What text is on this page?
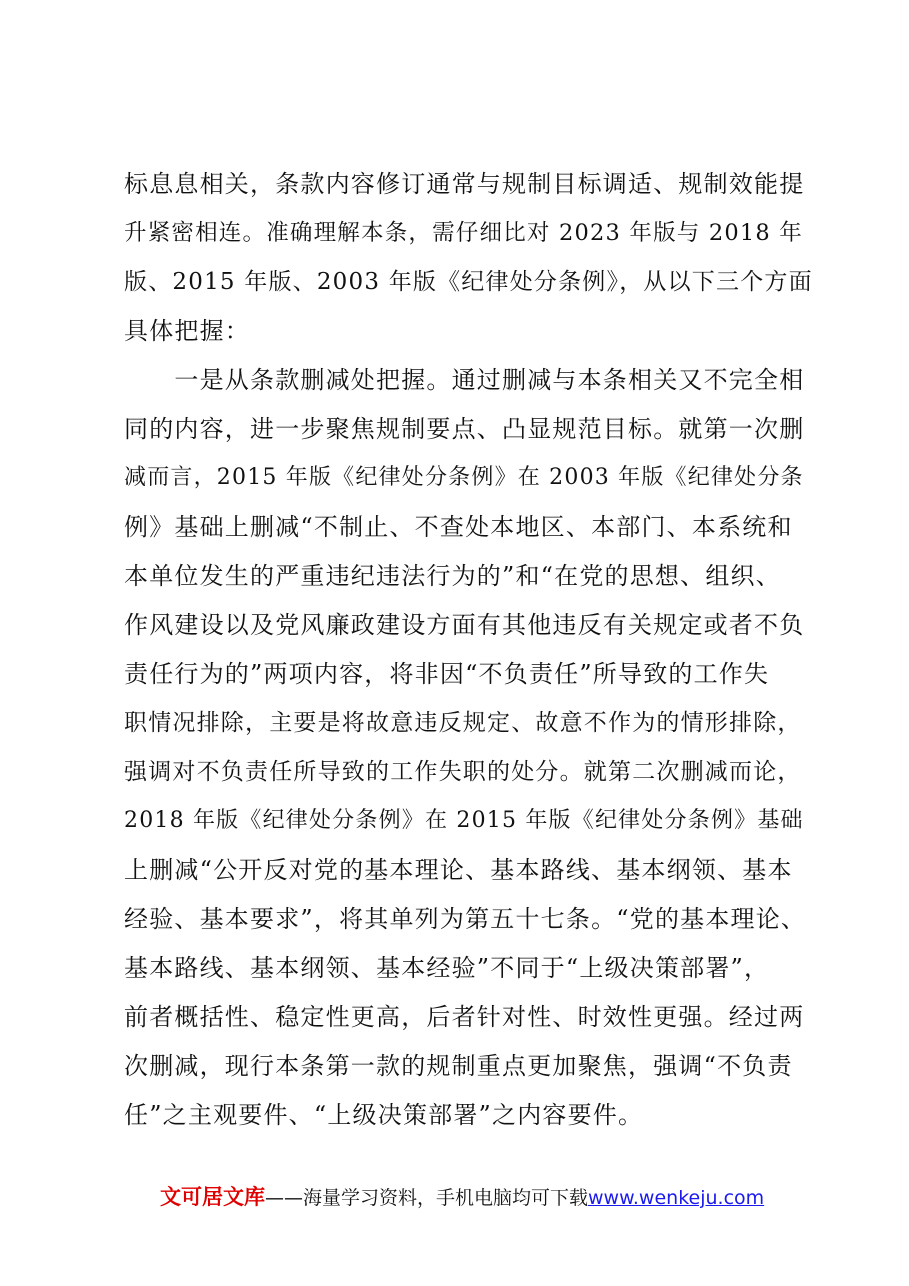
标息息相关，条款内容修订通常与规制目标调适、规制效能提
升紧密相连。准确理解本条，需仔细比对 2023 年版与 2018 年
版、2015 年版、2003 年版《纪律处分条例》，从以下三个方面
具体把握：
　　一是从条款删减处把握。通过删减与本条相关又不完全相
同的内容，进一步聚焦规制要点、凸显规范目标。就第一次删
减而言，2015 年版《纪律处分条例》在 2003 年版《纪律处分条
例》基础上删减“不制止、不查处本地区、本部门、本系统和
本单位发生的严重违纪违法行为的”和“在党的思想、组织、
作风建设以及党风廉政建设方面有其他违反有关规定或者不负
责任行为的”两项内容，将非因“不负责任”所导致的工作失
职情况排除，主要是将故意违反规定、故意不作为的情形排除，
强调对不负责任所导致的工作失职的处分。就第二次删减而论，
2018 年版《纪律处分条例》在 2015 年版《纪律处分条例》基础
上删减“公开反对党的基本理论、基本路线、基本纲领、基本
经验、基本要求”，将其单列为第五十七条。“党的基本理论、
基本路线、基本纲领、基本经验”不同于“上级决策部署”，
前者概括性、稳定性更高，后者针对性、时效性更强。经过两
次删减，现行本条第一款的规制重点更加聚焦，强调“不负责
任”之主观要件、“上级决策部署”之内容要件。
文可居文库——海量学习资料，手机电脑均可下载www.wenkeju.com
